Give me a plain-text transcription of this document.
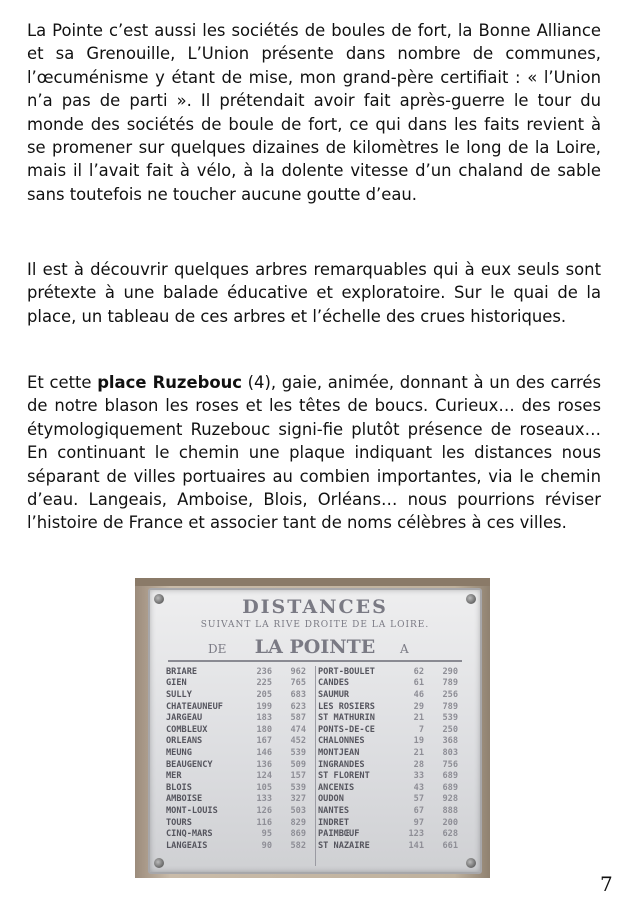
La Pointe c’est aussi les sociétés de boules de fort, la Bonne Alliance et sa Grenouille, L’Union présente dans nombre de communes, l’œcuménisme y étant de mise, mon grand-père certifiait : « l’Union n’a pas de parti ». Il prétendait avoir fait après-guerre le tour du monde des sociétés de boule de fort, ce qui dans les faits revient à se promener sur quelques dizaines de kilomètres le long de la Loire, mais il l’avait fait à vélo, à la dolente vitesse d’un chaland de sable sans toutefois ne toucher aucune goutte d’eau.

Il est à découvrir quelques arbres remarquables qui à eux seuls sont prétexte à une balade éducative et exploratoire. Sur le quai de la place, un tableau de ces arbres et l’échelle des crues historiques.

Et cette place Ruzebouc (4), gaie, animée, donnant à un des carrés de notre blason les roses et les têtes de boucs. Curieux… des roses étymologiquement Ruzebouc signi-fie plutôt présence de roseaux…En continuant le chemin une plaque indiquant les distances nous séparant de villes portuaires au combien importantes, via le chemin d’eau. Langeais, Amboise, Blois, Orléans… nous pourrions réviser l’histoire de France et associer tant de noms célèbres à ces villes.

DISTANCES
SUIVANT LA RIVE DROITE DE LA LOIRE.
DE	LA POINTE	A
BRIARE	236	962
GIEN	225	765
SULLY	205	683
CHATEAUNEUF	199	623
JARGEAU	183	587
COMBLEUX	180	474
ORLÉANS	167	452
MEUNG	146	539
BEAUGENCY	136	509
MER	124	157
BLOIS	105	539
AMBOISE	133	327
MONT-LOUIS	126	503
TOURS	116	829
CINQ-MARS	95	869
LANGEAIS	90	582
PORT-BOULET	62	290
CANDES	61	789
SAUMUR	46	256
LES ROSIERS	29	789
ST MATHURIN	21	539
PONTS-DE-CÉ	7	250
CHALONNES	19	368
MONTJEAN	21	803
INGRANDES	28	756
ST FLORENT	33	689
ANCENIS	43	689
OUDON	57	928
NANTES	67	888
INDRET	97	200
PAIMBŒUF	123	628
ST NAZAIRE	141	661
7
